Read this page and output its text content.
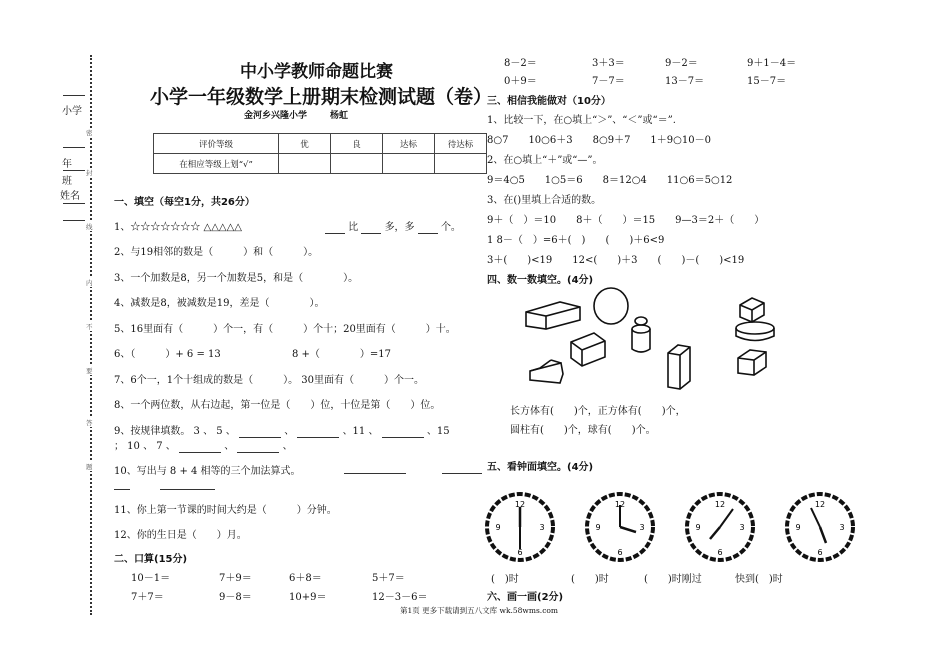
小学
年
班
姓名
密
封
线
内
不
要
答
题
中小学教师命题比赛
小学一年级数学上册期末检测试题（卷）
金河乡兴隆小学	杨虹
评价等级	优	良	达标	待达标
在相应等级上划“√”				
一、填空（每空1分，共26分）
1、☆☆☆☆☆☆☆ △△△△△	比	多，多	个。
2、与19相邻的数是（　　　）和（　　　）。
3、一个加数是8，另一个加数是5，和是（　　　　）。
4、减数是8，被减数是19，差是（　　　　）。
5、16里面有（　　　）个一，有（　　　）个十；20里面有（　　　）十。
6、（　　　）+ 6 = 13	8 +（　　　　）=17
7、6个一，1个十组成的数是（　　　）。 30里面有（　　　）个一。
8、一个两位数，从右边起，第一位是（　　）位，十位是第（　　）位。
9、按规律填数。 3 、 5 、	、	、11 、	、15
； 10 、 7 、	、	、
10、写出与 8 + 4 相等的三个加法算式。

11、你上第一节课的时间大约是（　　　）分钟。
12、你的生日是（　　）月。
二、口算(15分)
10－1＝	7＋9＝	6＋8＝	5＋7＝
7＋7＝	9－8＝	10+9＝	12－3－6＝
8－2＝	3＋3＝	9－2＝	9＋1－4＝
0＋9＝	7－7＝	13－7＝	15－7＝
三、相信我能做对（10分）
1、比较一下，在○填上“＞”、“＜”或“＝”.
8○7　　10○6＋3　　8○9＋7　　1＋9○10－0
2、在○填上“＋”或“—”。
9＝4○5　　1○5＝6　　8＝12○4　　11○6＝5○12
3、在()里填上合适的数。
9＋（　）＝10　　8＋（　　）＝15　　9—3＝2＋（　　）
1 8－（　）=6＋(　)　　(　　)＋6<9
3＋(　　)<19　　12<(　　)＋3　　(　　)－(　　)<19
四、数一数填空。(4分)
长方体有(　　)个，正方体有(　　)个，
圆柱有(　　)个，球有(　　)个。
五、看钟面填空。(4分)
12
3
6
9
12
3
6
9
12
3
6
9
12
3
6
9
(　)时	(　　)时	(　　)时刚过	快到(　)时
六、画一画(2分)
第1页 更多下载请到五八文库 wk.58wms.com
